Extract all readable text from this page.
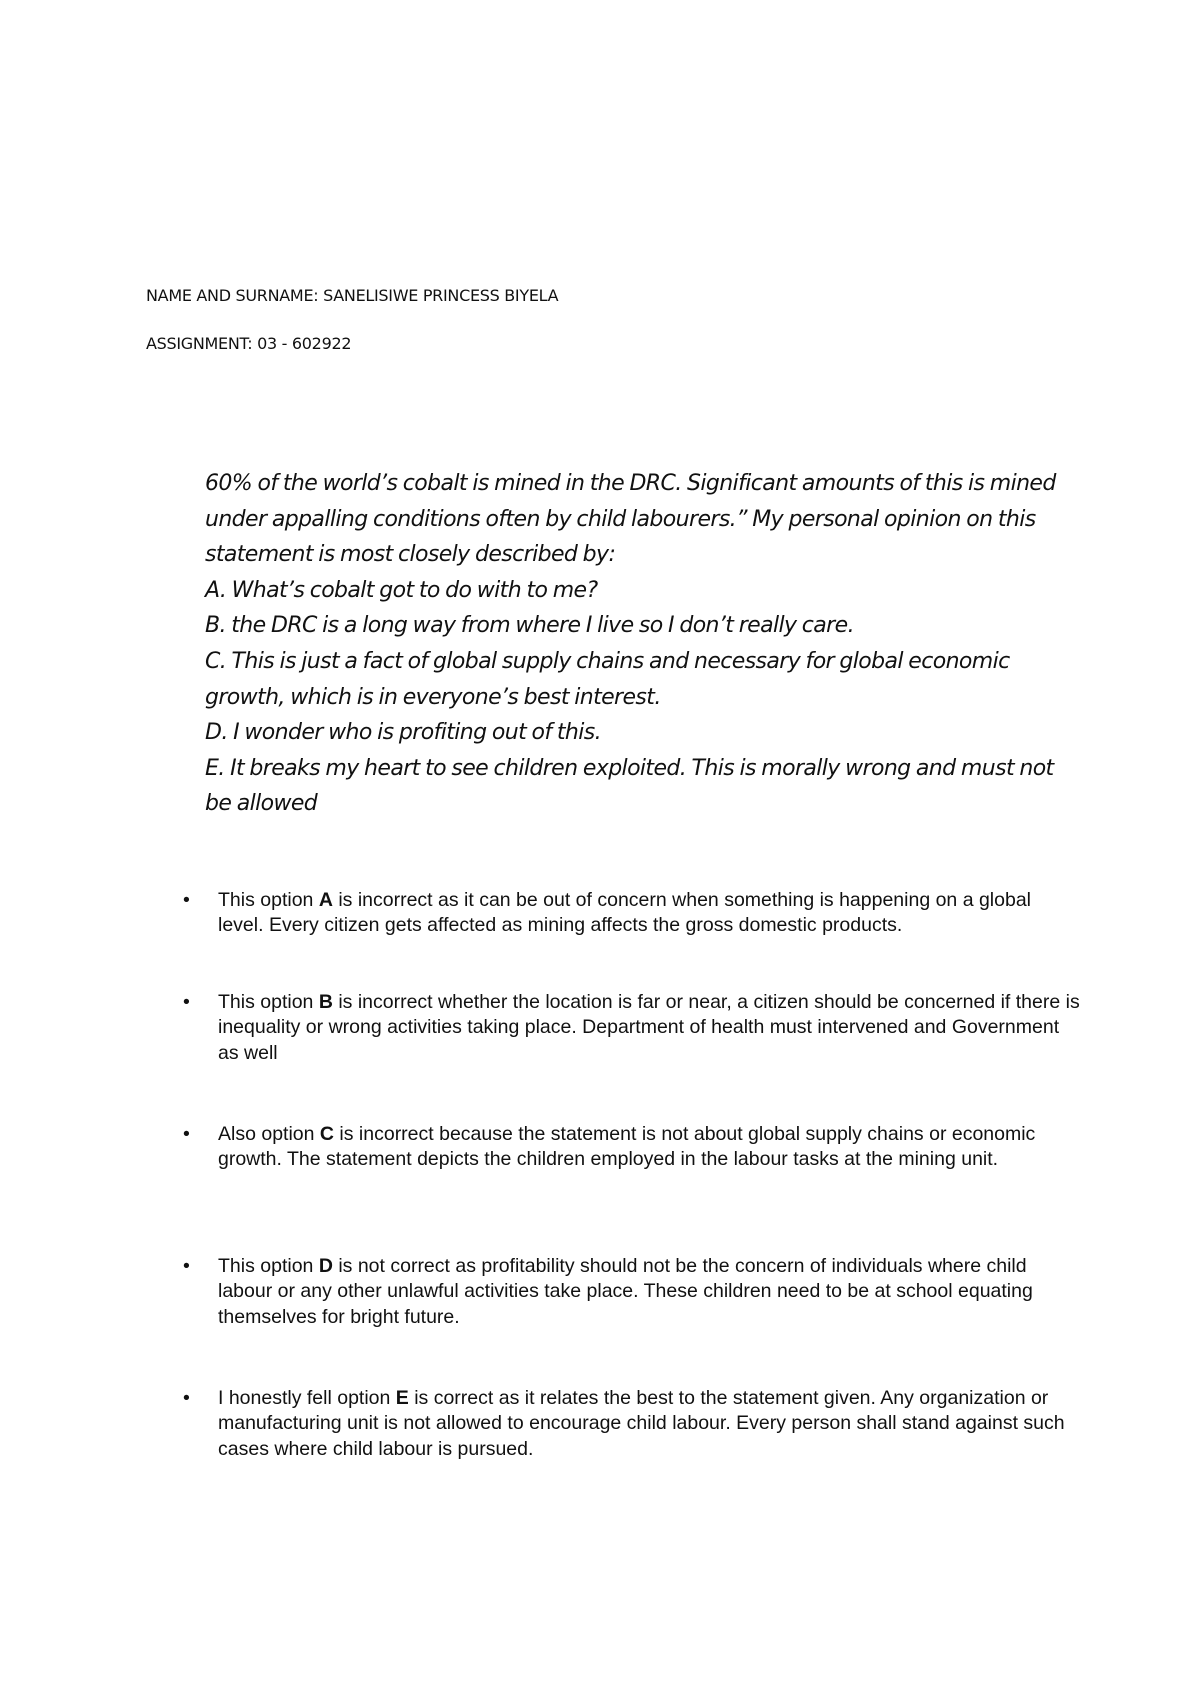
NAME AND SURNAME: SANELISIWE PRINCESS BIYELA
ASSIGNMENT: 03 - 602922

60% of the world’s cobalt is mined in the DRC. Significant amounts of this is mined under appalling conditions often by child labourers.” My personal opinion on this statement is most closely described by:

A. What’s cobalt got to do with to me?

B. the DRC is a long way from where I live so I don’t really care.

C. This is just a fact of global supply chains and necessary for global economic growth, which is in everyone’s best interest.

D. I wonder who is profiting out of this.

E. It breaks my heart to see children exploited. This is morally wrong and must not be allowed

• This option A is incorrect as it can be out of concern when something is happening on a global level. Every citizen gets affected as mining affects the gross domestic products.
• This option B is incorrect whether the location is far or near, a citizen should be concerned if there is inequality or wrong activities taking place. Department of health must intervened and Government as well
• Also option C is incorrect because the statement is not about global supply chains or economic growth. The statement depicts the children employed in the labour tasks at the mining unit.
• This option D is not correct as profitability should not be the concern of individuals where child labour or any other unlawful activities take place. These children need to be at school equating themselves for bright future.
• I honestly fell option E is correct as it relates the best to the statement given. Any organization or manufacturing unit is not allowed to encourage child labour. Every person shall stand against such cases where child labour is pursued.
